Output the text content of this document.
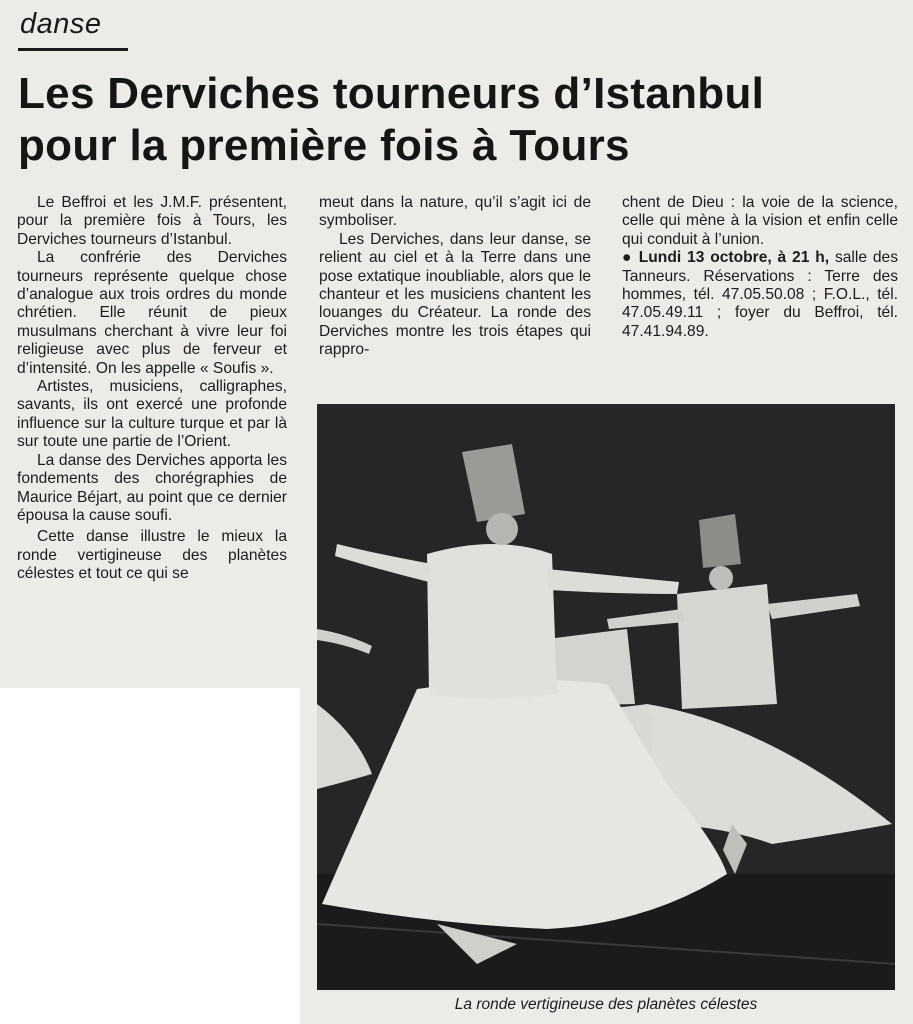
danse
Les Derviches tourneurs d’Istanbul
pour la première fois à Tours

Le Beffroi et les J.M.F. présentent, pour la première fois à Tours, les Derviches tourneurs d’Istanbul.

La confrérie des Derviches tourneurs représente quelque chose d’analogue aux trois ordres du monde chrétien. Elle réunit de pieux musulmans cherchant à vivre leur foi religieuse avec plus de ferveur et d’intensité. On les appelle « Soufis ».

Artistes, musiciens, calligraphes, savants, ils ont exercé une profonde influence sur la culture turque et par là sur toute une partie de l’Orient.

La danse des Derviches apporta les fondements des chorégraphies de Maurice Béjart, au point que ce dernier épousa la cause soufi.

Cette danse illustre le mieux la ronde vertigineuse des planètes célestes et tout ce qui se

meut dans la nature, qu’il s’agit ici de symboliser.

Les Derviches, dans leur danse, se relient au ciel et à la Terre dans une pose extatique inoubliable, alors que le chanteur et les musiciens chantent les louanges du Créateur. La ronde des Derviches montre les trois étapes qui rappro-

chent de Dieu : la voie de la science, celle qui mène à la vision et enfin celle qui conduit à l’union.

● Lundi 13 octobre, à 21 h, salle des Tanneurs. Réservations : Terre des hommes, tél. 47.05.50.08 ; F.O.L., tél. 47.05.49.11 ; foyer du Beffroi, tél. 47.41.94.89.

La ronde vertigineuse des planètes célestes
